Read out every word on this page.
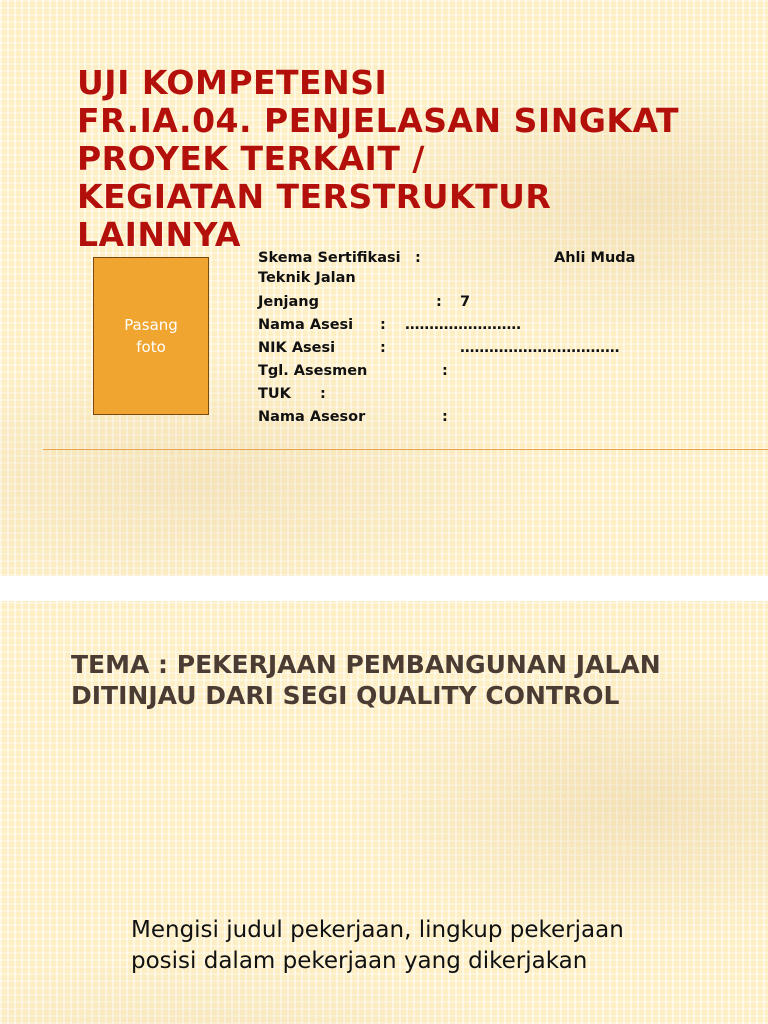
UJI KOMPETENSI
FR.IA.04. PENJELASAN SINGKAT
PROYEK TERKAIT /
KEGIATAN TERSTRUKTUR
LAINNYA
Pasang foto
Skema Sertifikasi :	Ahli Muda
Teknik Jalan
Jenjang	: 7
Nama Asesi : ……………………
NIK Asesi	:	……………………………
Tgl. Asesmen	:
TUK :
Nama Asesor	:
TEMA : PEKERJAAN PEMBANGUNAN JALAN DITINJAU DARI SEGI QUALITY CONTROL

Mengisi judul pekerjaan, lingkup pekerjaan posisi dalam pekerjaan yang dikerjakan
